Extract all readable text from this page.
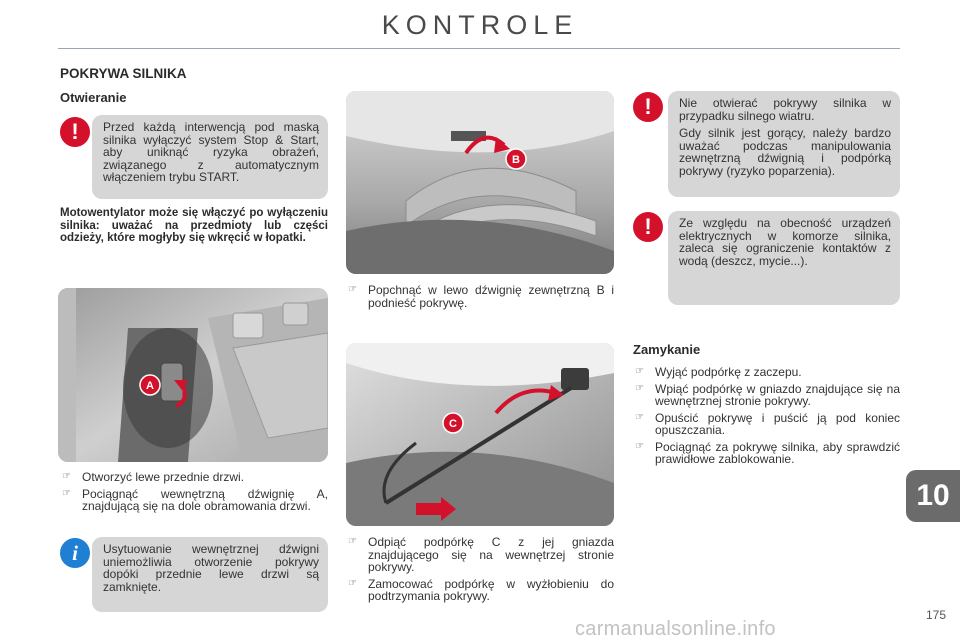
KONTROLE
POKRYWA SILNIKA
Otwieranie
!	Przed każdą interwencją pod maską silnika wyłączyć system Stop & Start, aby uniknąć ryzyka obrażeń, związanego z automatycznym włączeniem trybu START.

Motowentylator może się włączyć po wyłączeniu silnika: uważać na przedmioty lub części odzieży, które mogłyby się wkręcić w łopatki.
A
☞ Otworzyć lewe przednie drzwi.
☞ Pociągnąć wewnętrzną dźwignię A, znajdującą się na dole obramowania drzwi.
i	Usytuowanie wewnętrznej dźwigni uniemożliwia otworzenie pokrywy dopóki przednie lewe drzwi są zamknięte.

B
☞ Popchnąć w lewo dźwignię zewnętrzną B i podnieść pokrywę.
C
☞ Odpiąć podpórkę C z jej gniazda znajdującego się na wewnętrzej stronie pokrywy.
☞ Zamocować podpórkę w wyżłobieniu do podtrzymania pokrywy.
!	Nie otwierać pokrywy silnika w przypadku silnego wiatru.

Gdy silnik jest gorący, należy bardzo uważać podczas manipulowania zewnętrzną dźwignią i podpórką pokrywy (ryzyko poparzenia).

!	Ze względu na obecność urządzeń elektrycznych w komorze silnika, zaleca się ograniczenie kontaktów z wodą (deszcz, mycie...).

Zamykanie
☞ Wyjąć podpórkę z zaczepu.
☞ Wpiąć podpórkę w gniazdo znajdujące się na wewnętrznej stronie pokrywy.
☞ Opuścić pokrywę i puścić ją pod koniec opuszczania.
☞ Pociągnąć za pokrywę silnika, aby sprawdzić prawidłowe zablokowanie.
10
175
carmanualsonline.info
